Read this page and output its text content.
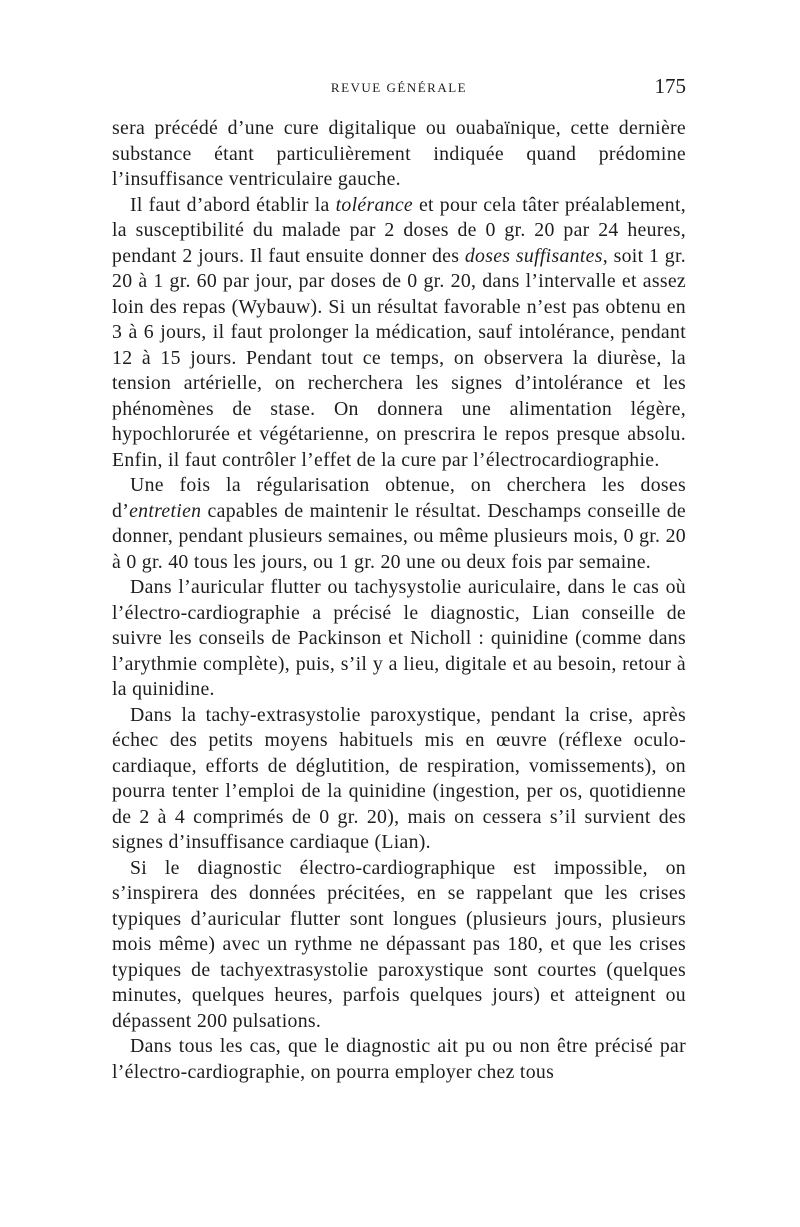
REVUE GÉNÉRALE	175

sera précédé d’une cure digitalique ou ouabaïnique, cette dernière substance étant particulièrement indiquée quand prédomine l’insuffisance ventriculaire gauche.

Il faut d’abord établir la tolérance et pour cela tâter préalablement, la susceptibilité du malade par 2 doses de 0 gr. 20 par 24 heures, pendant 2 jours. Il faut ensuite donner des doses suffisantes, soit 1 gr. 20 à 1 gr. 60 par jour, par doses de 0 gr. 20, dans l’intervalle et assez loin des repas (Wybauw). Si un résultat favorable n’est pas obtenu en 3 à 6 jours, il faut prolonger la médication, sauf intolérance, pendant 12 à 15 jours. Pendant tout ce temps, on observera la diurèse, la tension artérielle, on recherchera les signes d’intolérance et les phénomènes de stase. On donnera une alimentation légère, hypochlorurée et végétarienne, on prescrira le repos presque absolu. Enfin, il faut contrôler l’effet de la cure par l’électrocardiographie.

Une fois la régularisation obtenue, on cherchera les doses d’entretien capables de maintenir le résultat. Deschamps conseille de donner, pendant plusieurs semaines, ou même plusieurs mois, 0 gr. 20 à 0 gr. 40 tous les jours, ou 1 gr. 20 une ou deux fois par semaine.

Dans l’auricular flutter ou tachysystolie auriculaire, dans le cas où l’électro-cardiographie a précisé le diagnostic, Lian conseille de suivre les conseils de Packinson et Nicholl : quinidine (comme dans l’arythmie complète), puis, s’il y a lieu, digitale et au besoin, retour à la quinidine.

Dans la tachy-extrasystolie paroxystique, pendant la crise, après échec des petits moyens habituels mis en œuvre (réflexe oculo-cardiaque, efforts de déglutition, de respiration, vomissements), on pourra tenter l’emploi de la quinidine (ingestion, per os, quotidienne de 2 à 4 comprimés de 0 gr. 20), mais on cessera s’il survient des signes d’insuffisance cardiaque (Lian).

Si le diagnostic électro-cardiographique est impossible, on s’inspirera des données précitées, en se rappelant que les crises typiques d’auricular flutter sont longues (plusieurs jours, plusieurs mois même) avec un rythme ne dépassant pas 180, et que les crises typiques de tachyextrasystolie paroxystique sont courtes (quelques minutes, quelques heures, parfois quelques jours) et atteignent ou dépassent 200 pulsations.

Dans tous les cas, que le diagnostic ait pu ou non être précisé par l’électro-cardiographie, on pourra employer chez tous
